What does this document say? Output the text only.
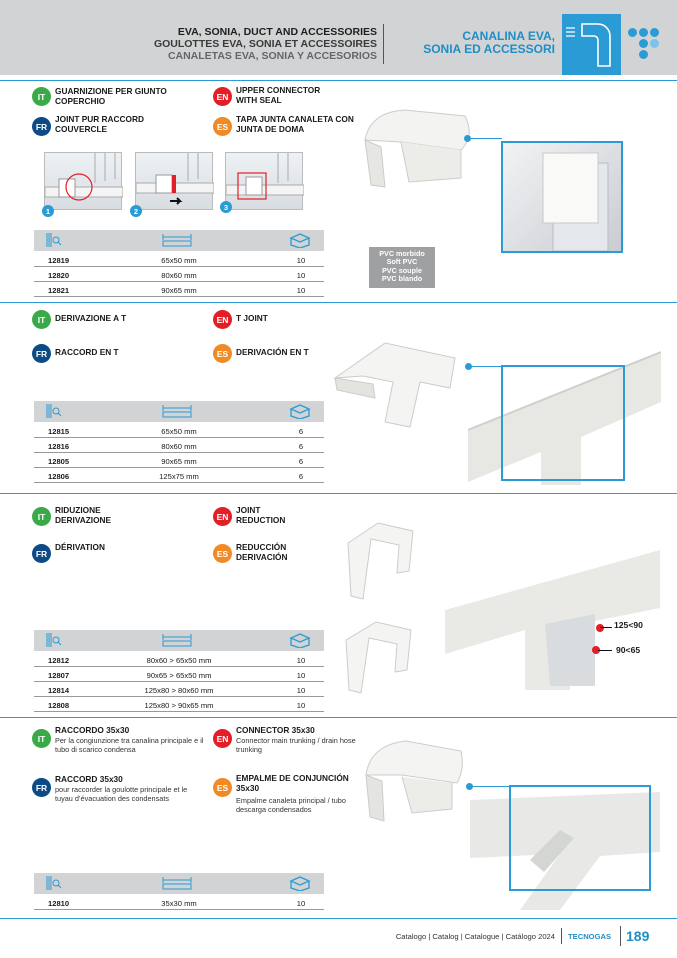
EVA, SONIA, DUCT AND ACCESSORIES
GOULOTTES EVA, SONIA ET ACCESSOIRES
CANALETAS EVA, SONIA Y ACCESORIOS
CANALINA EVA,
SONIA ED ACCESSORI
IT
GUARNIZIONE PER GIUNTO COPERCHIO	EN
UPPER CONNECTOR WITH SEAL
FR
JOINT PUR RACCORD COUVERCLE	ES
TAPA JUNTA CANALETA CON JUNTA DE DOMA
1	2	3
12819	65x50 mm	10
12820	80x60 mm	10
12821	90x65 mm	10
PVC morbido
Soft PVC
PVC souple
PVC blando
IT	DERIVAZIONE A T	EN T JOINT
FR RACCORD EN T	ES DERIVACIÓN EN T
12815	65x50 mm	6
12816	80x60 mm	6
12805	90x65 mm	6
12806	125x75 mm	6
IT
RIDUZIONE DERIVAZIONE	EN
JOINT REDUCTION
FR
DÉRIVATION
ES
REDUCCIÓN DERIVACIÓN
125<90
90<65
12812	80x60 > 65x50 mm	10
12807	90x65 > 65x50 mm	10
12814	125x80 > 80x60 mm	10
12808	125x80 > 90x65 mm	10
IT
RACCORDO 35x30
Per la congiunzione tra canalina principale e il tubo di scarico condensa
EN
CONNECTOR 35x30
Connector main trunking / drain hose trunking
FR
RACCORD 35x30
pour raccorder la goulotte principale et le tuyau d’évacuation des condensats
ES
EMPALME DE CONJUNCIÓN 35x30
Empalme canaleta principal / tubo descarga condensados
12810	35x30 mm	10
Catalogo | Catalog | Catalogue | Catálogo 2024 TECNOGAS 189
